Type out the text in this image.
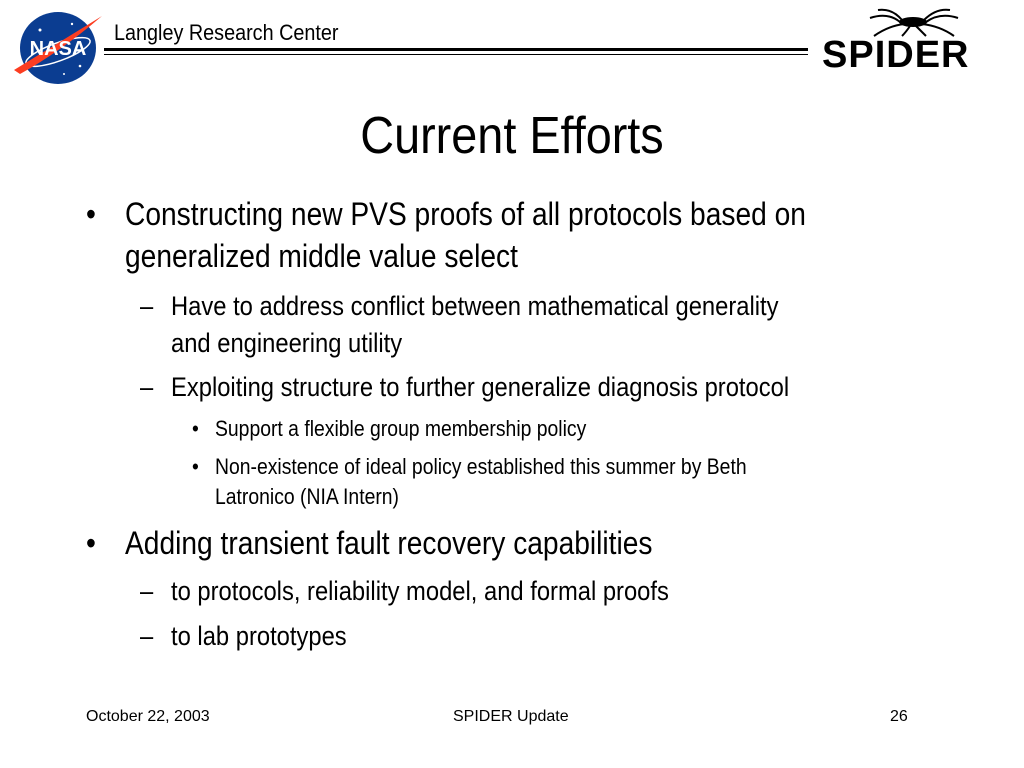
NASA
Langley Research Center
SPIDER
Current Efforts
• Constructing new PVS proofs of all protocols based on
generalized middle value select
– Have to address conflict between mathematical generality
and engineering utility
– Exploiting structure to further generalize diagnosis protocol
• Support a flexible group membership policy
• Non-existence of ideal policy established this summer by Beth
Latronico (NIA Intern)
• Adding transient fault recovery capabilities
– to protocols, reliability model, and formal proofs
– to lab prototypes
October 22, 2003	SPIDER Update	26
